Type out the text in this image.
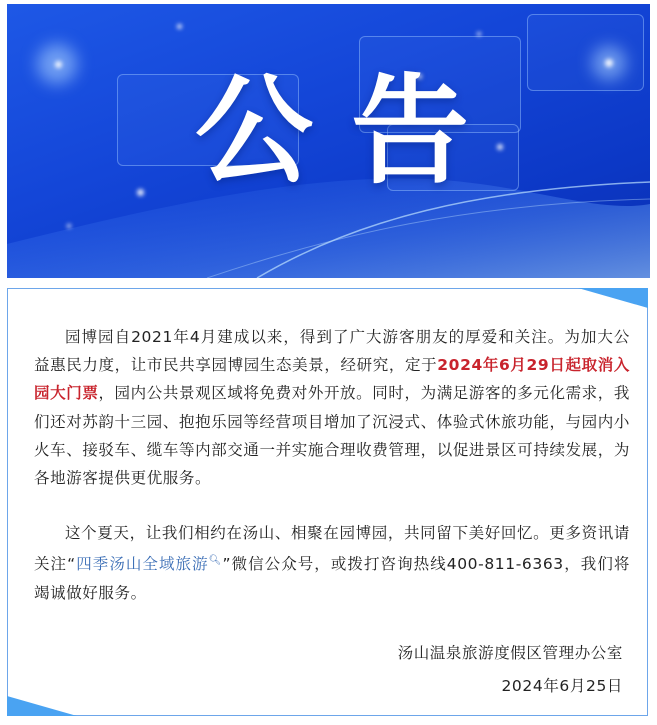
公告

园博园自2021年4月建成以来，得到了广大游客朋友的厚爱和关注。为加大公益惠民力度，让市民共享园博园生态美景，经研究，定于2024年6月29日起取消入园大门票，园内公共景观区域将免费对外开放。同时，为满足游客的多元化需求，我们还对苏韵十三园、抱抱乐园等经营项目增加了沉浸式、体验式休旅功能，与园内小火车、接驳车、缆车等内部交通一并实施合理收费管理，以促进景区可持续发展，为各地游客提供更优服务。

这个夏天，让我们相约在汤山、相聚在园博园，共同留下美好回忆。更多资讯请关注“四季汤山全域旅游🔍︎”微信公众号，或拨打咨询热线400-811-6363，我们将竭诚做好服务。

汤山温泉旅游度假区管理办公室
2024年6月25日
